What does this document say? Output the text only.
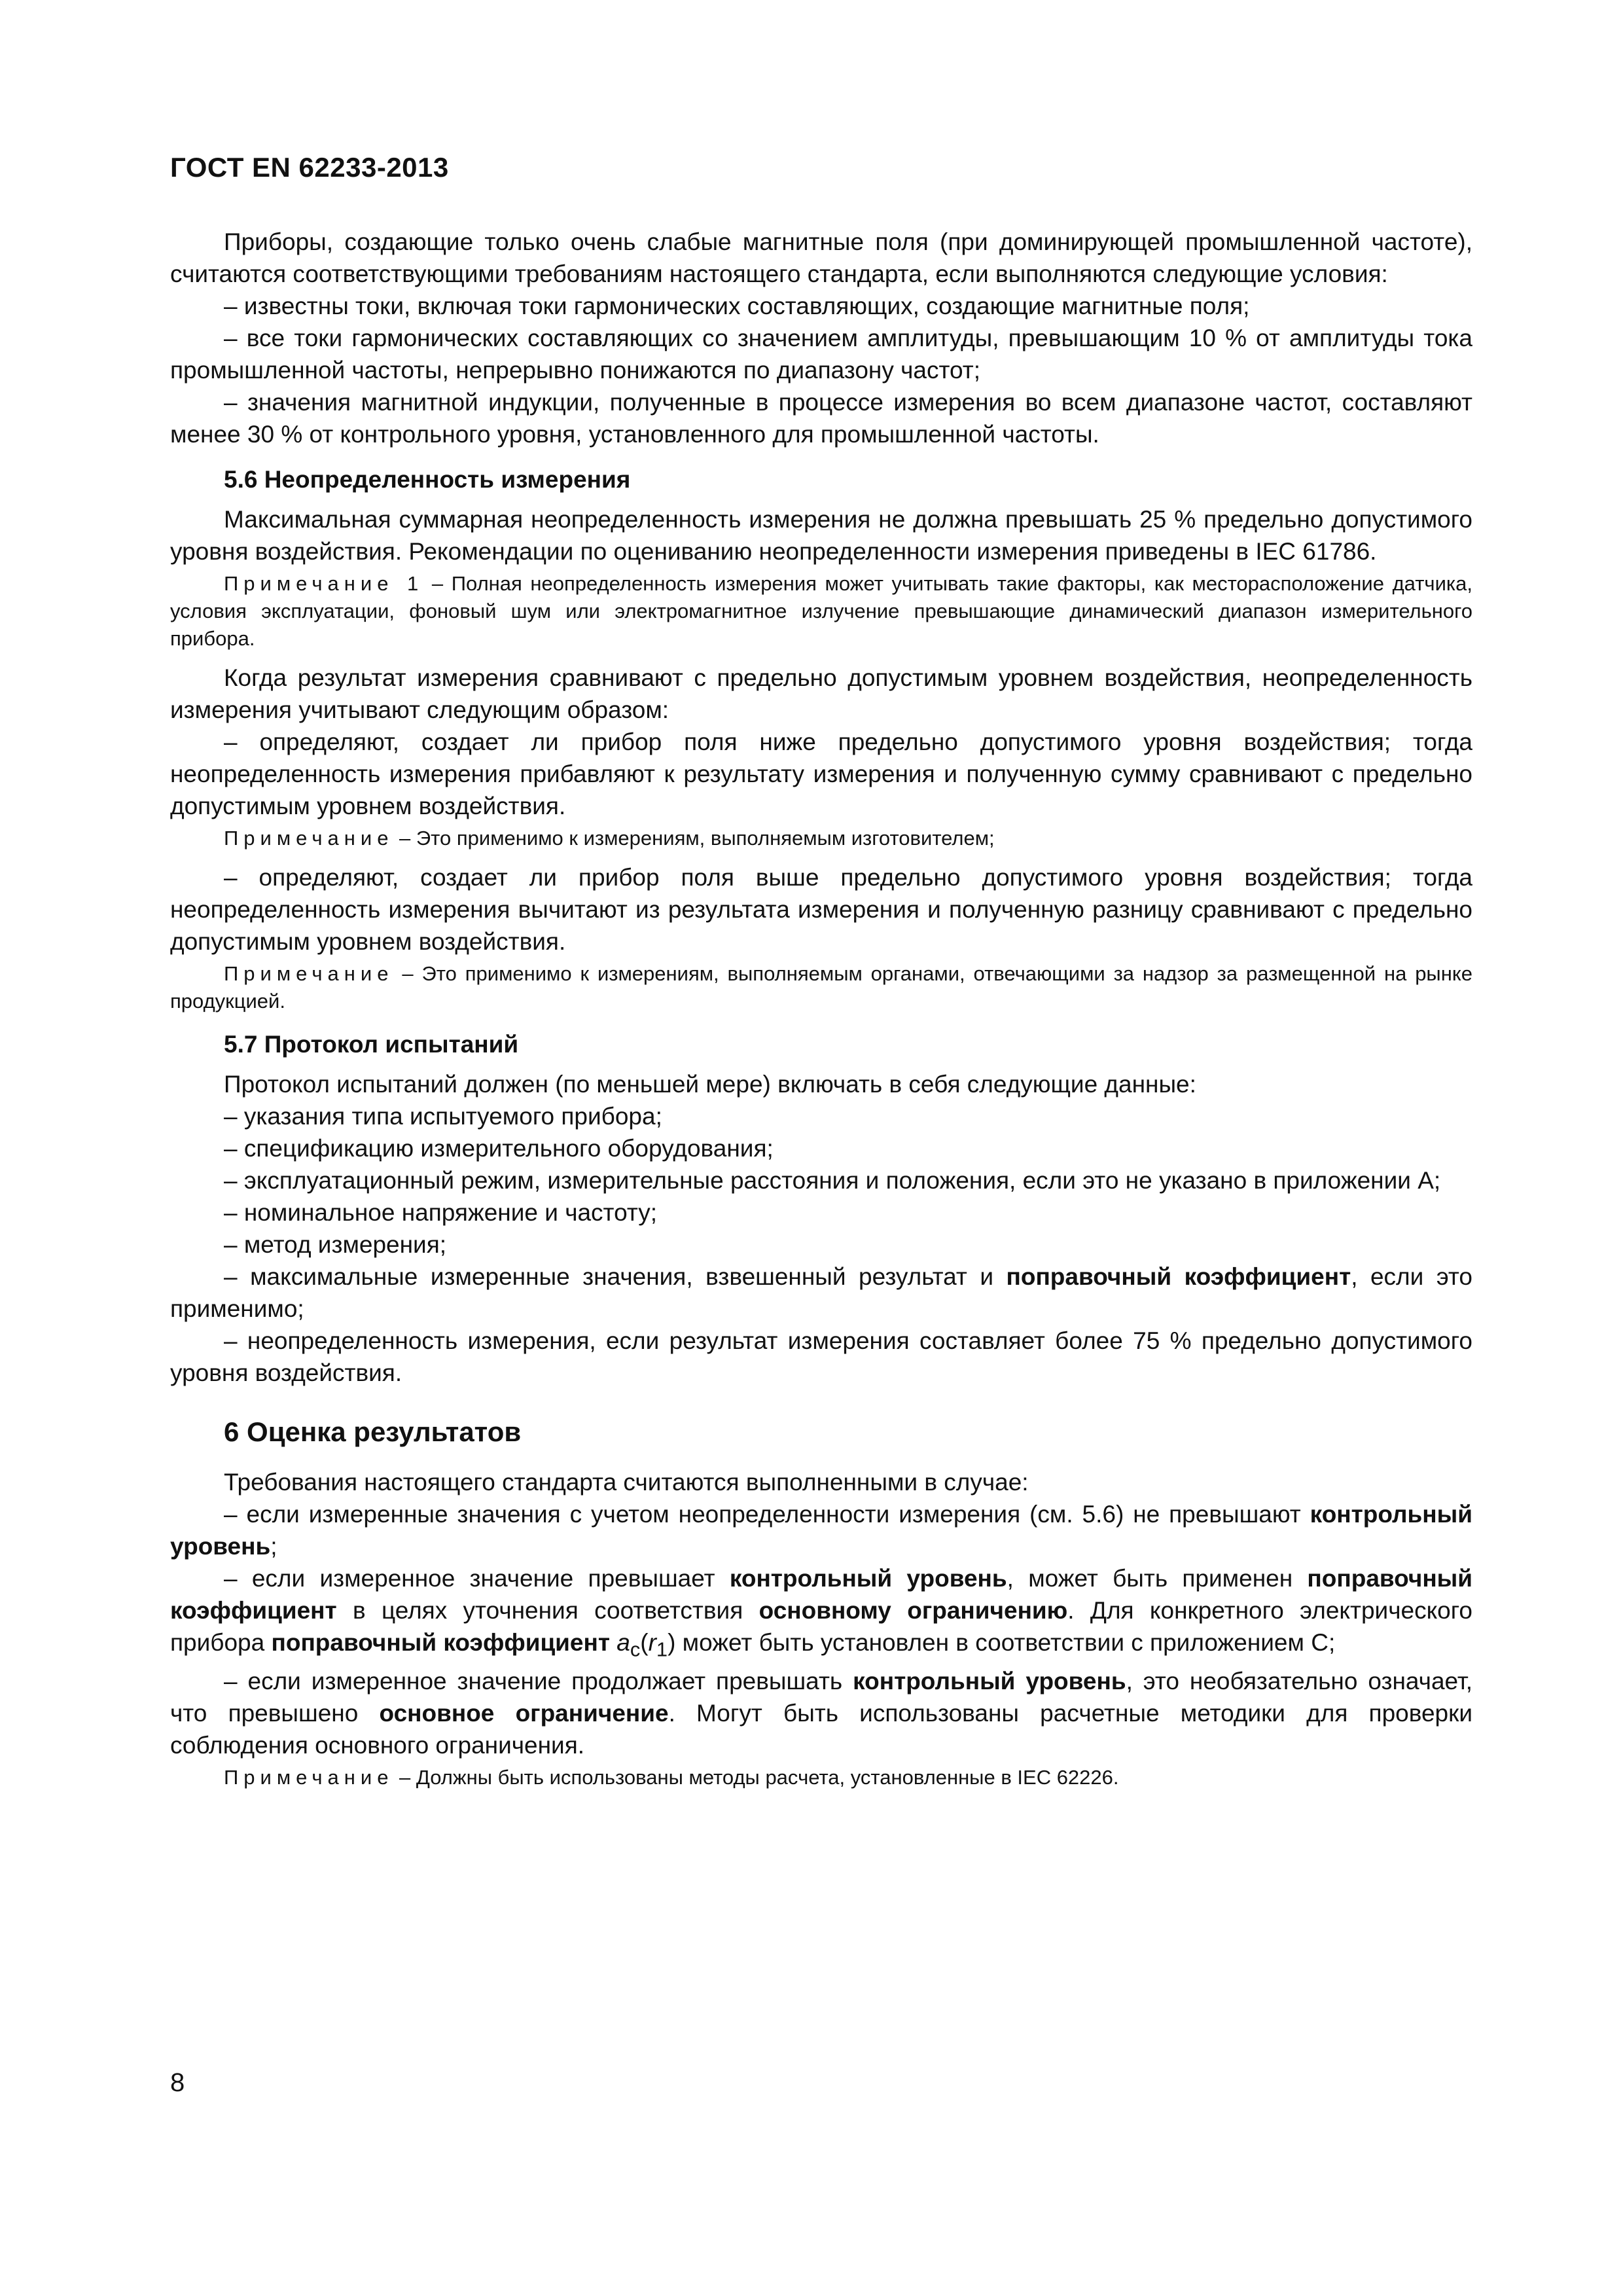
ГОСТ EN 62233-2013

Приборы, создающие только очень слабые магнитные поля (при доминирующей промышленной частоте), считаются соответствующими требованиям настоящего стандарта, если выполняются следующие условия:

– известны токи, включая токи гармонических составляющих, создающие магнитные поля;

– все токи гармонических составляющих со значением амплитуды, превышающим 10 % от амплитуды тока промышленной частоты, непрерывно понижаются по диапазону частот;

– значения магнитной индукции, полученные в процессе измерения во всем диапазоне частот, составляют менее 30 % от контрольного уровня, установленного для промышленной частоты.

5.6 Неопределенность измерения

Максимальная суммарная неопределенность измерения не должна превышать 25 % предельно допустимого уровня воздействия. Рекомендации по оцениванию неопределенности измерения приведены в IEC 61786.

Примечание 1 – Полная неопределенность измерения может учитывать такие факторы, как месторасположение датчика, условия эксплуатации, фоновый шум или электромагнитное излучение превышающие динамический диапазон измерительного прибора.

Когда результат измерения сравнивают с предельно допустимым уровнем воздействия, неопределенность измерения учитывают следующим образом:

– определяют, создает ли прибор поля ниже предельно допустимого уровня воздействия; тогда неопределенность измерения прибавляют к результату измерения и полученную сумму сравнивают с предельно допустимым уровнем воздействия.

Примечание – Это применимо к измерениям, выполняемым изготовителем;

– определяют, создает ли прибор поля выше предельно допустимого уровня воздействия; тогда неопределенность измерения вычитают из результата измерения и полученную разницу сравнивают с предельно допустимым уровнем воздействия.

Примечание – Это применимо к измерениям, выполняемым органами, отвечающими за надзор за размещенной на рынке продукцией.
5.7 Протокол испытаний

Протокол испытаний должен (по меньшей мере) включать в себя следующие данные:

– указания типа испытуемого прибора;

– спецификацию измерительного оборудования;

– эксплуатационный режим, измерительные расстояния и положения, если это не указано в приложении А;

– номинальное напряжение и частоту;

– метод измерения;

– максимальные измеренные значения, взвешенный результат и поправочный коэффициент, если это применимо;

– неопределенность измерения, если результат измерения составляет более 75 % предельно допустимого уровня воздействия.

6 Оценка результатов

Требования настоящего стандарта считаются выполненными в случае:

– если измеренные значения с учетом неопределенности измерения (см. 5.6) не превышают контрольный уровень;

– если измеренное значение превышает контрольный уровень, может быть применен поправочный коэффициент в целях уточнения соответствия основному ограничению. Для конкретного электрического прибора поправочный коэффициент $a_c(r_1)$ может быть установлен в соответствии с приложением С;

– если измеренное значение продолжает превышать контрольный уровень, это необязательно означает, что превышено основное ограничение. Могут быть использованы расчетные методики для проверки соблюдения основного ограничения.

Примечание – Должны быть использованы методы расчета, установленные в IEC 62226.
8
